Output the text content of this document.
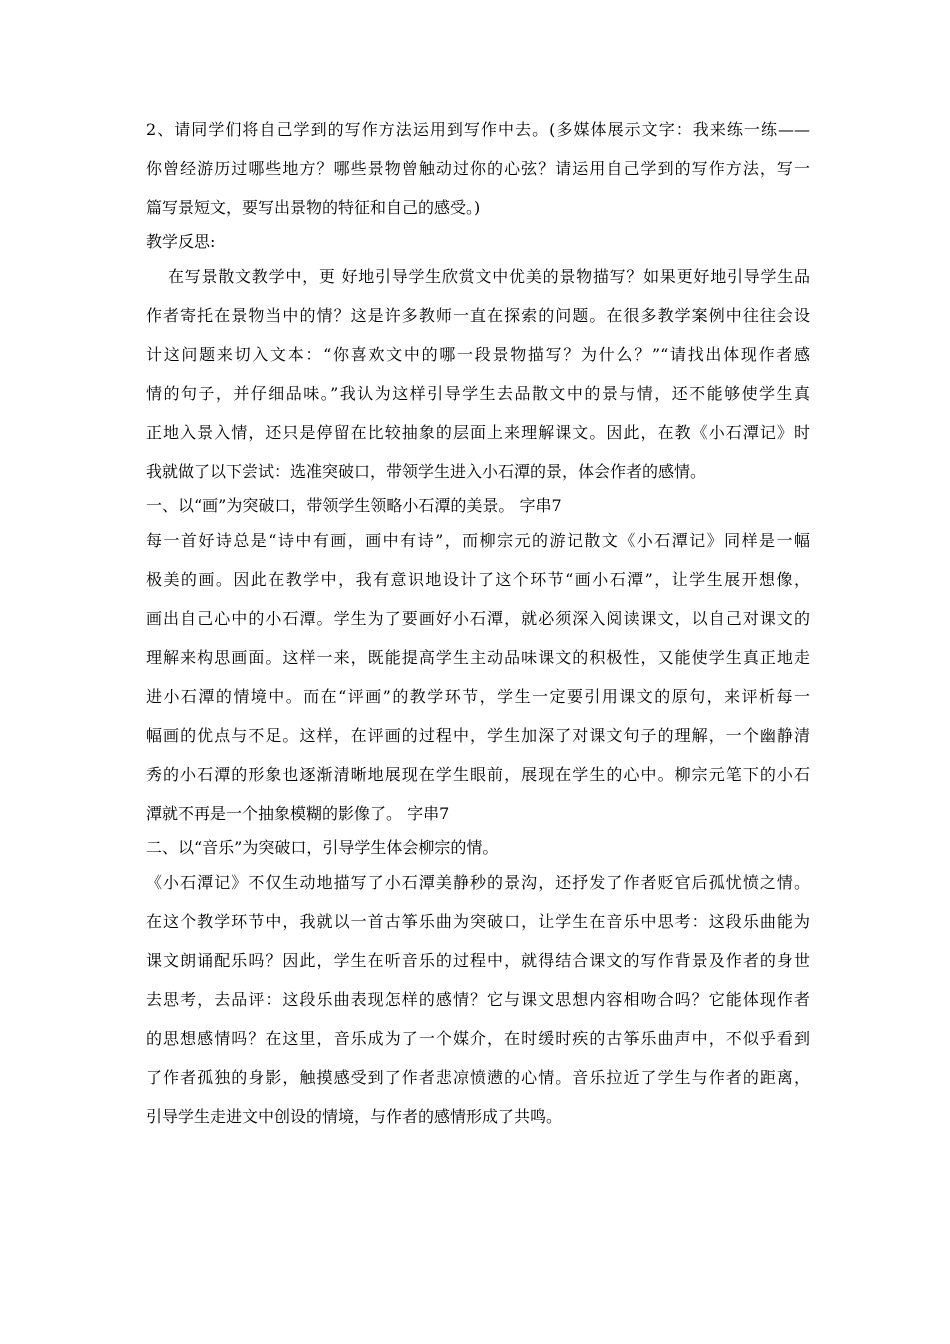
2、请同学们将自己学到的写作方法运用到写作中去。(多媒体展示文字：我来练一练——
你曾经游历过哪些地方？哪些景物曾触动过你的心弦？请运用自己学到的写作方法，写一
篇写景短文，要写出景物的特征和自己的感受。)
教学反思:
在写景散文教学中，更 好地引导学生欣赏文中优美的景物描写？如果更好地引导学生品
作者寄托在景物当中的情？这是许多教师一直在探索的问题。在很多教学案例中往往会设
计这问题来切入文本：“你喜欢文中的哪一段景物描写？为什么？”“请找出体现作者感
情的句子，并仔细品味。”我认为这样引导学生去品散文中的景与情，还不能够使学生真
正地入景入情，还只是停留在比较抽象的层面上来理解课文。因此，在教《小石潭记》时
我就做了以下尝试：选准突破口，带领学生进入小石潭的景，体会作者的感情。
一、以“画”为突破口，带领学生领略小石潭的美景。 字串7
每一首好诗总是“诗中有画，画中有诗”，而柳宗元的游记散文《小石潭记》同样是一幅
极美的画。因此在教学中，我有意识地设计了这个环节“画小石潭”，让学生展开想像，
画出自己心中的小石潭。学生为了要画好小石潭，就必须深入阅读课文，以自己对课文的
理解来构思画面。这样一来，既能提高学生主动品味课文的积极性，又能使学生真正地走
进小石潭的情境中。而在“评画”的教学环节，学生一定要引用课文的原句，来评析每一
幅画的优点与不足。这样，在评画的过程中，学生加深了对课文句子的理解，一个幽静清
秀的小石潭的形象也逐渐清晰地展现在学生眼前，展现在学生的心中。柳宗元笔下的小石
潭就不再是一个抽象模糊的影像了。 字串7
二、以“音乐”为突破口，引导学生体会柳宗的情。
《小石潭记》不仅生动地描写了小石潭美静秒的景沟，还抒发了作者贬官后孤忧愤之情。
在这个教学环节中，我就以一首古筝乐曲为突破口，让学生在音乐中思考：这段乐曲能为
课文朗诵配乐吗？因此，学生在听音乐的过程中，就得结合课文的写作背景及作者的身世
去思考，去品评：这段乐曲表现怎样的感情？它与课文思想内容相吻合吗？它能体现作者
的思想感情吗？在这里，音乐成为了一个媒介，在时缓时疾的古筝乐曲声中，不似乎看到
了作者孤独的身影，触摸感受到了作者悲凉愤懑的心情。音乐拉近了学生与作者的距离，
引导学生走进文中创设的情境，与作者的感情形成了共鸣。
